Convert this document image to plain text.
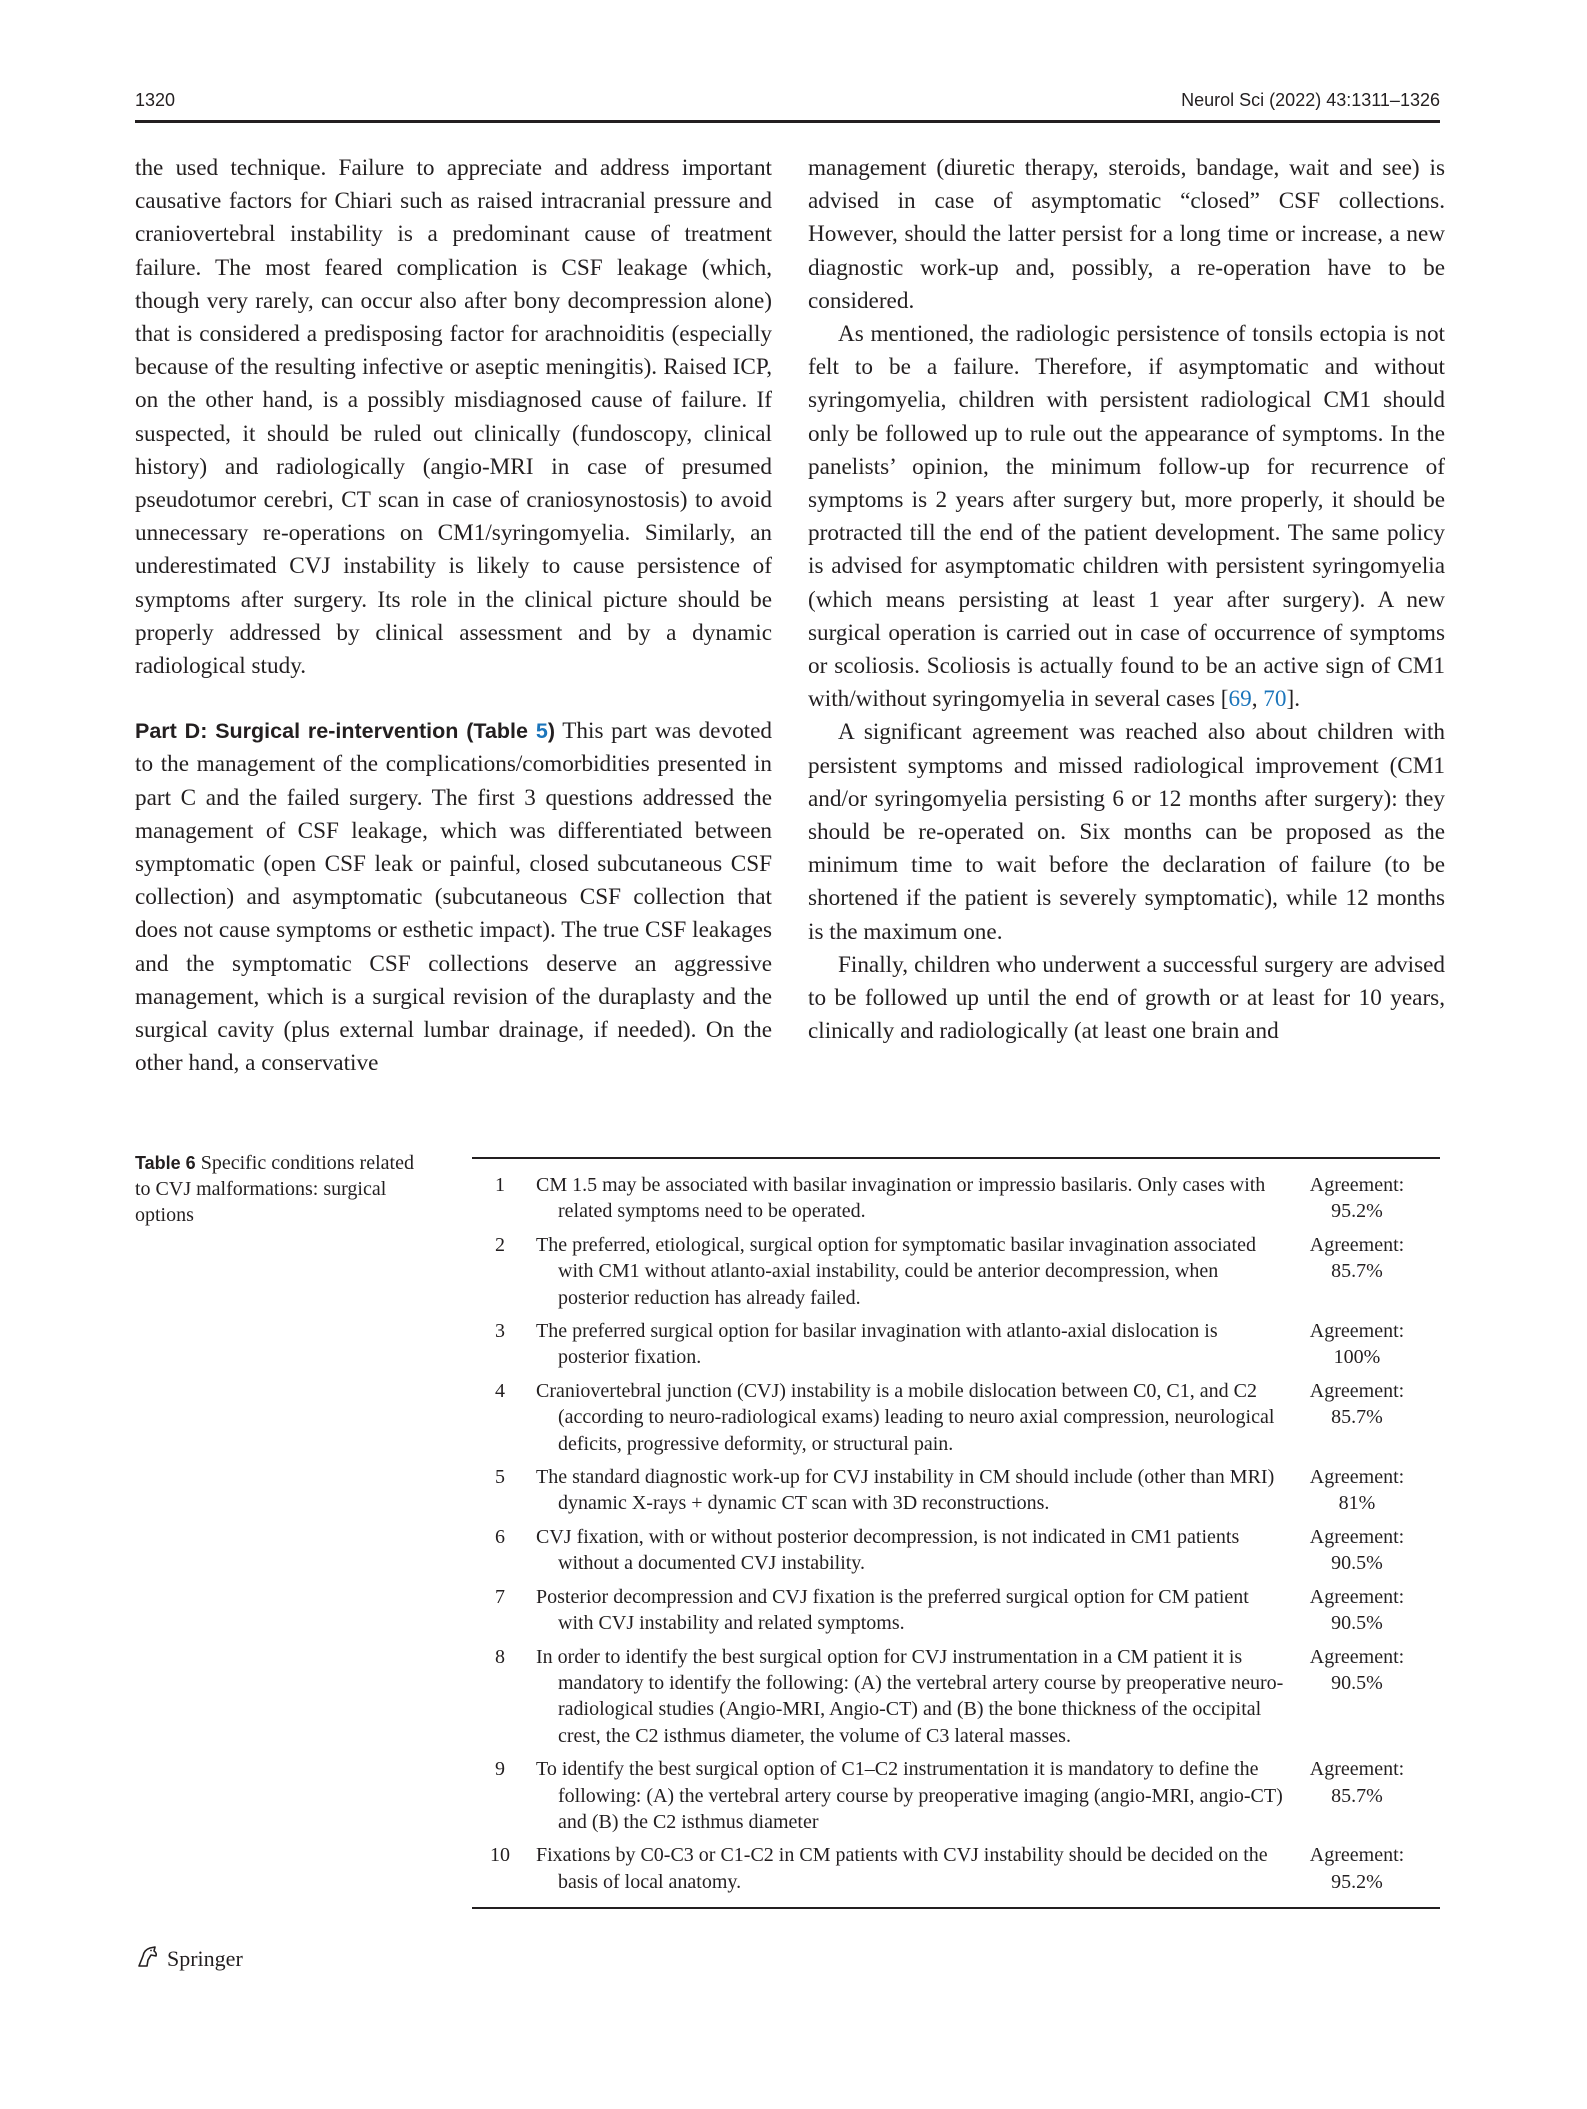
1320	Neurol Sci (2022) 43:1311–1326

the used technique. Failure to appreciate and address important causative factors for Chiari such as raised intracranial pressure and craniovertebral instability is a predominant cause of treatment failure. The most feared complication is CSF leakage (which, though very rarely, can occur also after bony decompression alone) that is considered a predisposing factor for arachnoiditis (especially because of the resulting infective or aseptic meningitis). Raised ICP, on the other hand, is a possibly misdiagnosed cause of failure. If suspected, it should be ruled out clinically (fundoscopy, clinical history) and radiologically (angio-MRI in case of presumed pseudotumor cerebri, CT scan in case of craniosynostosis) to avoid unnecessary re-operations on CM1/syringomyelia. Similarly, an underestimated CVJ instability is likely to cause persistence of symptoms after surgery. Its role in the clinical picture should be properly addressed by clinical assessment and by a dynamic radiological study.

Part D: Surgical re-intervention (Table 5) This part was devoted to the management of the complications/comorbidities presented in part C and the failed surgery. The first 3 questions addressed the management of CSF leakage, which was differentiated between symptomatic (open CSF leak or painful, closed subcutaneous CSF collection) and asymptomatic (subcutaneous CSF collection that does not cause symptoms or esthetic impact). The true CSF leakages and the symptomatic CSF collections deserve an aggressive management, which is a surgical revision of the duraplasty and the surgical cavity (plus external lumbar drainage, if needed). On the other hand, a conservative

management (diuretic therapy, steroids, bandage, wait and see) is advised in case of asymptomatic “closed” CSF collections. However, should the latter persist for a long time or increase, a new diagnostic work-up and, possibly, a re-operation have to be considered.

As mentioned, the radiologic persistence of tonsils ectopia is not felt to be a failure. Therefore, if asymptomatic and without syringomyelia, children with persistent radiological CM1 should only be followed up to rule out the appearance of symptoms. In the panelists’ opinion, the minimum follow-up for recurrence of symptoms is 2 years after surgery but, more properly, it should be protracted till the end of the patient development. The same policy is advised for asymptomatic children with persistent syringomyelia (which means persisting at least 1 year after surgery). A new surgical operation is carried out in case of occurrence of symptoms or scoliosis. Scoliosis is actually found to be an active sign of CM1 with/without syringomyelia in several cases [69, 70].

A significant agreement was reached also about children with persistent symptoms and missed radiological improvement (CM1 and/or syringomyelia persisting 6 or 12 months after surgery): they should be re-operated on. Six months can be proposed as the minimum time to wait before the declaration of failure (to be shortened if the patient is severely symptomatic), while 12 months is the maximum one.

Finally, children who underwent a successful surgery are advised to be followed up until the end of growth or at least for 10 years, clinically and radiologically (at least one brain and

Table 6 Specific conditions related to CVJ malformations: surgical options
1	CM 1.5 may be associated with basilar invagination or impressio basilaris. Only cases with related symptoms need to be operated.
Agreement:
95.2%
2	The preferred, etiological, surgical option for symptomatic basilar invagination associated with CM1 without atlanto-axial instability, could be anterior decompression, when posterior reduction has already failed.
Agreement:
85.7%
3	The preferred surgical option for basilar invagination with atlanto-axial dislocation is posterior fixation.
Agreement:
100%
4	Craniovertebral junction (CVJ) instability is a mobile dislocation between C0, C1, and C2 (according to neuro-radiological exams) leading to neuro axial compression, neurological deficits, progressive deformity, or structural pain.
Agreement:
85.7%
5	The standard diagnostic work-up for CVJ instability in CM should include (other than MRI) dynamic X-rays + dynamic CT scan with 3D reconstructions.
Agreement:
81%
6	CVJ fixation, with or without posterior decompression, is not indicated in CM1 patients without a documented CVJ instability.
Agreement:
90.5%
7	Posterior decompression and CVJ fixation is the preferred surgical option for CM patient with CVJ instability and related symptoms.
Agreement:
90.5%
8	In order to identify the best surgical option for CVJ instrumentation in a CM patient it is mandatory to identify the following: (A) the vertebral artery course by preoperative neuro-radiological studies (Angio-MRI, Angio-CT) and (B) the bone thickness of the occipital crest, the C2 isthmus diameter, the volume of C3 lateral masses.
Agreement:
90.5%
9	To identify the best surgical option of C1–C2 instrumentation it is mandatory to define the following: (A) the vertebral artery course by preoperative imaging (angio-MRI, angio-CT) and (B) the C2 isthmus diameter
Agreement:
85.7%
10	Fixations by C0-C3 or C1-C2 in CM patients with CVJ instability should be decided on the basis of local anatomy.
Agreement:
95.2%
Springer
